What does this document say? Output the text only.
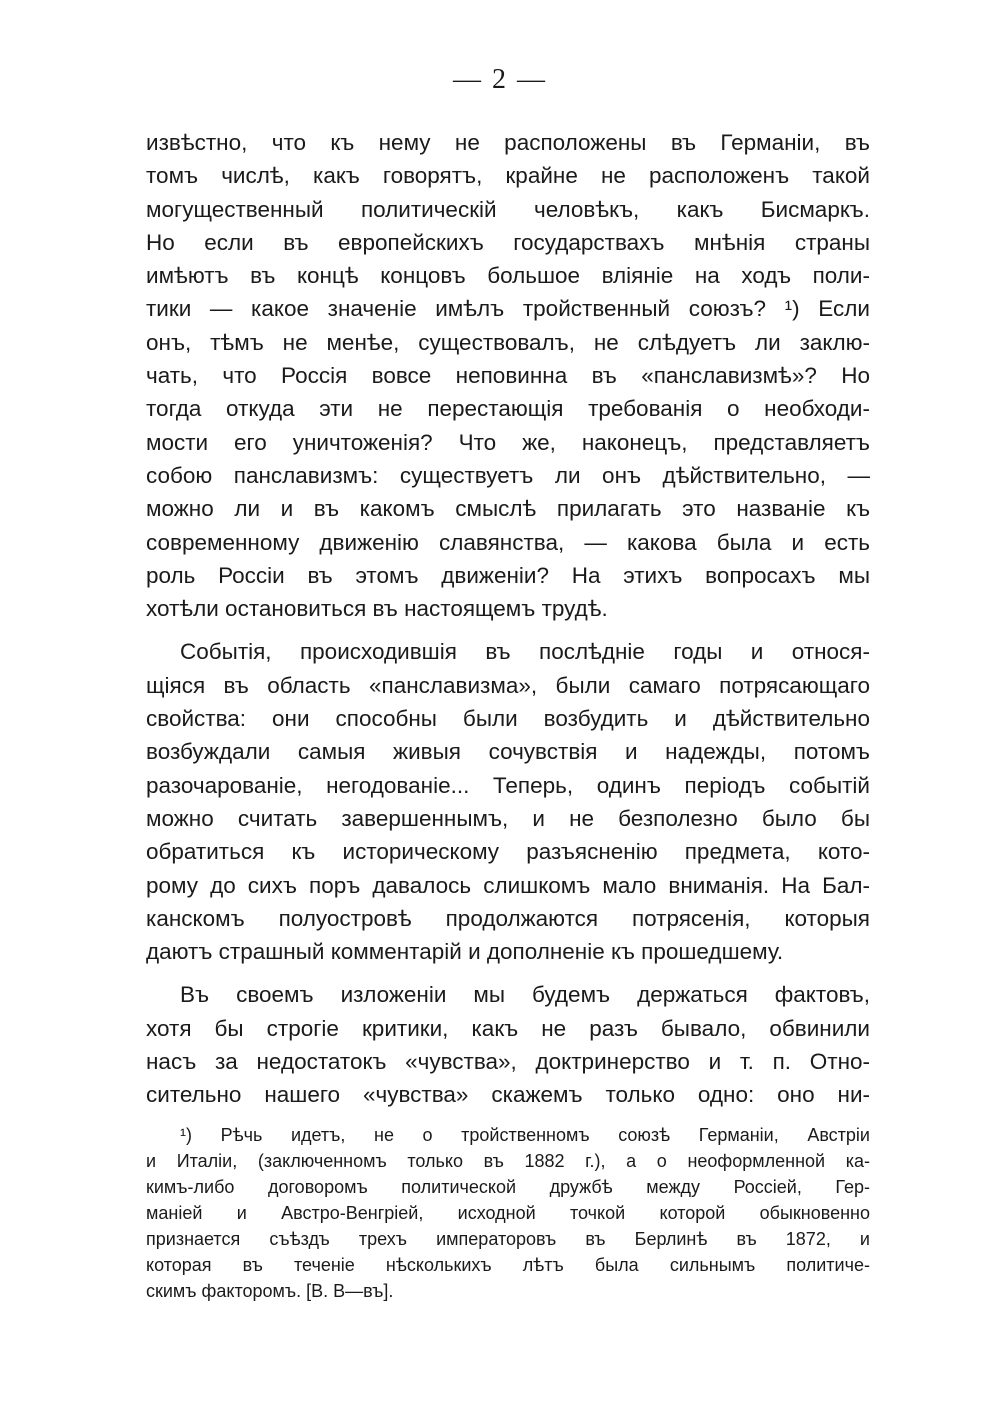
— 2 —
извѣстно, что къ нему не расположены въ Германіи, въ
томъ числѣ, какъ говорятъ, крайне не расположенъ такой
могущественный политическій человѣкъ, какъ Бисмаркъ.
Но если въ европейскихъ государствахъ мнѣнія страны
имѣютъ въ концѣ концовъ большое вліяніе на ходъ поли-
тики — какое значеніе имѣлъ тройственный союзъ? ¹) Если
онъ, тѣмъ не менѣе, существовалъ, не слѣдуетъ ли заклю-
чать, что Россія вовсе неповинна въ «панславизмѣ»? Но
тогда откуда эти не перестающія требованія о необходи-
мости его уничтоженія? Что же, наконецъ, представляетъ
собою панславизмъ: существуетъ ли онъ дѣйствительно, —
можно ли и въ какомъ смыслѣ прилагать это названіе къ
современному движенію славянства, — какова была и есть
роль Россіи въ этомъ движеніи? На этихъ вопросахъ мы
хотѣли остановиться въ настоящемъ трудѣ.
Событія, происходившія въ послѣдніе годы и относя-
щіяся въ область «панславизма», были самаго потрясающаго
свойства: они способны были возбудить и дѣйствительно
возбуждали самыя живыя сочувствія и надежды, потомъ
разочарованіе, негодованіе... Теперь, одинъ періодъ событій
можно считать завершеннымъ, и не безполезно было бы
обратиться къ историческому разъясненію предмета, кото-
рому до сихъ поръ давалось слишкомъ мало вниманія. На Бал-
канскомъ полуостровѣ продолжаются потрясенія, которыя
даютъ страшный комментарій и дополненіе къ прошедшему.
Въ своемъ изложеніи мы будемъ держаться фактовъ,
хотя бы строгіе критики, какъ не разъ бывало, обвинили
насъ за недостатокъ «чувства», доктринерство и т. п. Отно-
сительно нашего «чувства» скажемъ только одно: оно ни-
¹) Рѣчь идетъ, не о тройственномъ союзѣ Германіи, Австріи
и Италіи, (заключенномъ только въ 1882 г.), а о неоформленной ка-
кимъ-либо договоромъ политической дружбѣ между Россіей, Гер-
маніей и Австро-Венгріей, исходной точкой которой обыкновенно
признается съѣздъ трехъ императоровъ въ Берлинѣ въ 1872, и
которая въ теченіе нѣсколькихъ лѣтъ была сильнымъ политиче-
скимъ факторомъ. [В. В—въ].
